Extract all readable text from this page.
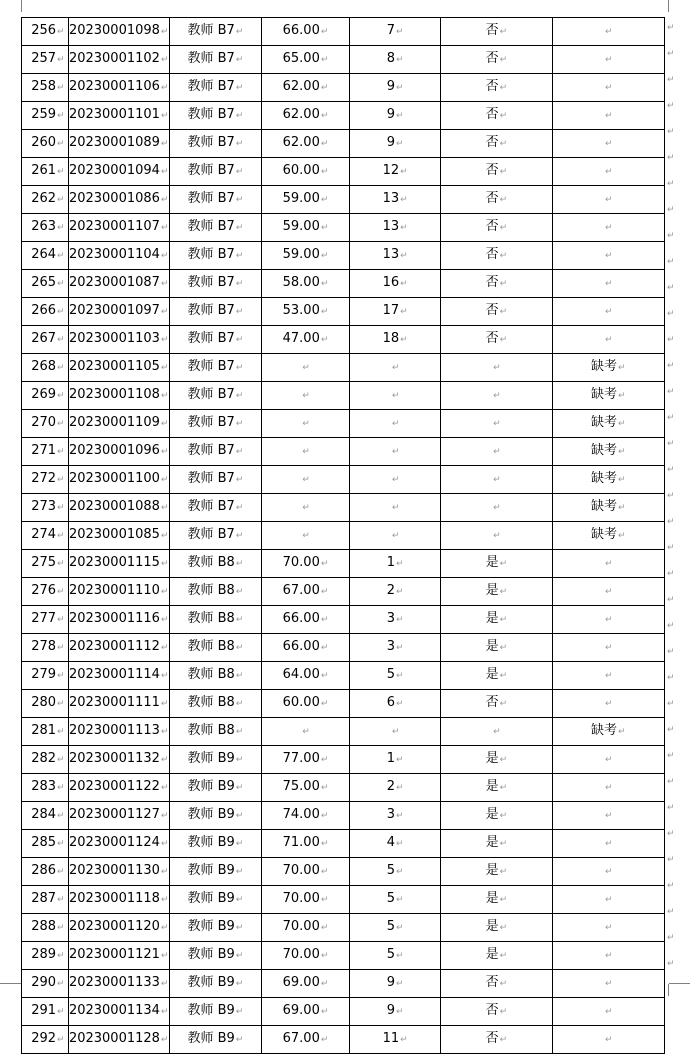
256↵	20230001098↵	教师 B7↵	66.00↵	7↵	否↵	↵
257↵	20230001102↵	教师 B7↵	65.00↵	8↵	否↵	↵
258↵	20230001106↵	教师 B7↵	62.00↵	9↵	否↵	↵
259↵	20230001101↵	教师 B7↵	62.00↵	9↵	否↵	↵
260↵	20230001089↵	教师 B7↵	62.00↵	9↵	否↵	↵
261↵	20230001094↵	教师 B7↵	60.00↵	12↵	否↵	↵
262↵	20230001086↵	教师 B7↵	59.00↵	13↵	否↵	↵
263↵	20230001107↵	教师 B7↵	59.00↵	13↵	否↵	↵
264↵	20230001104↵	教师 B7↵	59.00↵	13↵	否↵	↵
265↵	20230001087↵	教师 B7↵	58.00↵	16↵	否↵	↵
266↵	20230001097↵	教师 B7↵	53.00↵	17↵	否↵	↵
267↵	20230001103↵	教师 B7↵	47.00↵	18↵	否↵	↵
268↵	20230001105↵	教师 B7↵	↵	↵	↵	缺考↵
269↵	20230001108↵	教师 B7↵	↵	↵	↵	缺考↵
270↵	20230001109↵	教师 B7↵	↵	↵	↵	缺考↵
271↵	20230001096↵	教师 B7↵	↵	↵	↵	缺考↵
272↵	20230001100↵	教师 B7↵	↵	↵	↵	缺考↵
273↵	20230001088↵	教师 B7↵	↵	↵	↵	缺考↵
274↵	20230001085↵	教师 B7↵	↵	↵	↵	缺考↵
275↵	20230001115↵	教师 B8↵	70.00↵	1↵	是↵	↵
276↵	20230001110↵	教师 B8↵	67.00↵	2↵	是↵	↵
277↵	20230001116↵	教师 B8↵	66.00↵	3↵	是↵	↵
278↵	20230001112↵	教师 B8↵	66.00↵	3↵	是↵	↵
279↵	20230001114↵	教师 B8↵	64.00↵	5↵	是↵	↵
280↵	20230001111↵	教师 B8↵	60.00↵	6↵	否↵	↵
281↵	20230001113↵	教师 B8↵	↵	↵	↵	缺考↵
282↵	20230001132↵	教师 B9↵	77.00↵	1↵	是↵	↵
283↵	20230001122↵	教师 B9↵	75.00↵	2↵	是↵	↵
284↵	20230001127↵	教师 B9↵	74.00↵	3↵	是↵	↵
285↵	20230001124↵	教师 B9↵	71.00↵	4↵	是↵	↵
286↵	20230001130↵	教师 B9↵	70.00↵	5↵	是↵	↵
287↵	20230001118↵	教师 B9↵	70.00↵	5↵	是↵	↵
288↵	20230001120↵	教师 B9↵	70.00↵	5↵	是↵	↵
289↵	20230001121↵	教师 B9↵	70.00↵	5↵	是↵	↵
290↵	20230001133↵	教师 B9↵	69.00↵	9↵	否↵	↵
291↵	20230001134↵	教师 B9↵	69.00↵	9↵	否↵	↵
292↵	20230001128↵	教师 B9↵	67.00↵	11↵	否↵	↵
↵
↵
↵
↵
↵
↵
↵
↵
↵
↵
↵
↵
↵
↵
↵
↵
↵
↵
↵
↵
↵
↵
↵
↵
↵
↵
↵
↵
↵
↵
↵
↵
↵
↵
↵
↵
↵
